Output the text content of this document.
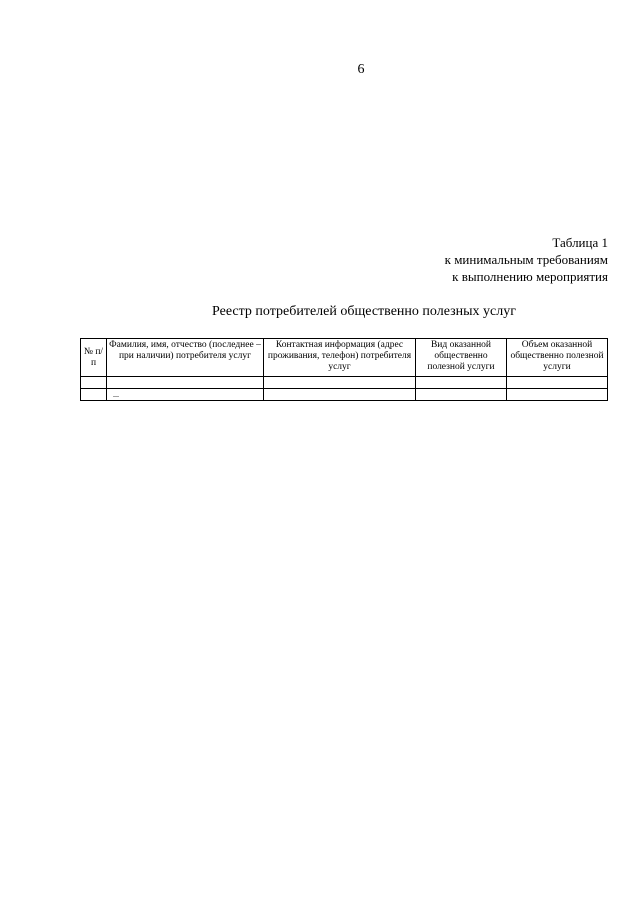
6
Таблица 1
к минимальным требованиям
к выполнению мероприятия
Реестр потребителей общественно полезных услуг
№ п/п	Фамилия, имя, отчество (последнее – при наличии) потребителя услуг	Контактная информация (адрес проживания, телефон) потребителя услуг	Вид оказанной общественно полезной услуги	Объем оказанной общественно полезной услуги

	...			
